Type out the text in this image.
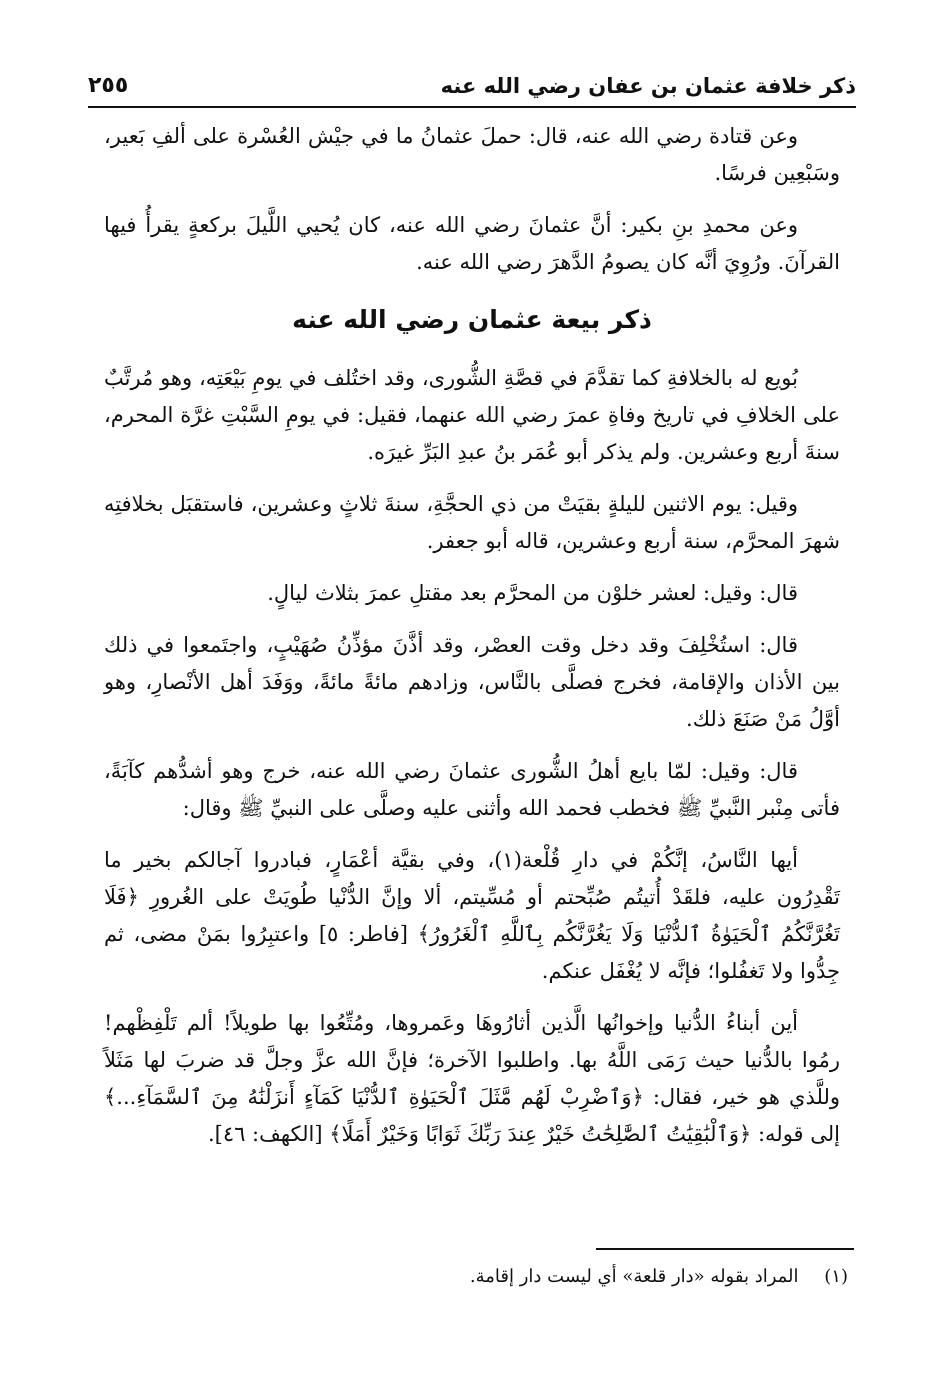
ذكر خلافة عثمان بن عفان رضي الله عنه
٢٥٥

وعن قتادة رضي الله عنه، قال: حملَ عثمانُ ما في جيْش العُسْرة على ألفِ بَعير، وسَبْعِين فرسًا.

وعن محمدِ بنِ بكير: أنَّ عثمانَ رضي الله عنه، كان يُحيي اللَّيلَ بركعةٍ يقرأُ فيها القرآنَ. ورُوِيَ أنَّه كان يصومُ الدَّهرَ رضي الله عنه.

ذكر بيعة عثمان رضي الله عنه

بُويع له بالخلافةِ كما تقدَّمَ في قصَّةِ الشُّورى، وقد اختُلف في يومِ بَيْعَتِه، وهو مُرتَّبٌ على الخلافِ في تاريخ وفاةِ عمرَ رضي الله عنهما، فقيل: في يومِ السَّبْتِ غرَّة المحرم، سنةَ أربع وعشرين. ولم يذكر أبو عُمَر بنُ عبدِ البَرِّ غيرَه.

وقيل: يوم الاثنين لليلةٍ بقيَتْ من ذي الحجَّةِ، سنةَ ثلاثٍ وعشرين، فاستقبَل بخلافتِه شهرَ المحرَّم، سنة أربع وعشرين، قاله أبو جعفر.

قال: وقيل: لعشر خلوْن من المحرَّم بعد مقتلِ عمرَ بثلاث ليالٍ.

قال: استُخْلِفَ وقد دخل وقت العصْر، وقد أذَّنَ مؤذِّنُ صُهَيْبٍ، واجتَمعوا في ذلك بين الأذان والإقامة، فخرج فصلَّى بالنَّاس، وزادهم مائةً مائةً، ووَفَدَ أهل الأنْصارِ، وهو أوَّلُ مَنْ صَنَعَ ذلك.

قال: وقيل: لمّا بايع أهلُ الشُّورى عثمانَ رضي الله عنه، خرج وهو أشدُّهم كآبَةً، فأتى مِنْبر النَّبيِّ ﷺ فخطب فحمد الله وأثنى عليه وصلَّى على النبيِّ ﷺ وقال:

أيها النَّاسُ، إنَّكُمْ في دارِ قُلْعة(١)، وفي بقيَّة أعْمَارٍ، فبادروا آجالكم بخير ما تَقْدِرُون عليه، فلقَدْ أُتيتُم صُبِّحتم أو مُسِّيتم، ألا وإنَّ الدُّنْيا طُويَتْ على الغُرورِ ﴿فَلَا تَغُرَّنَّكُمُ ٱلْحَيَوٰةُ ٱلدُّنْيَا وَلَا يَغُرَّنَّكُم بِٱللَّهِ ٱلْغَرُورُ﴾ [فاطر: ٥] واعتبِرُوا بمَنْ مضى، ثم جِدُّوا ولا تَغفُلوا؛ فإنَّه لا يُغْفَل عنكم.

أين أبناءُ الدُّنيا وإخوانُها الَّذين أثارُوهَا وعَمروها، ومُتِّعُوا بها طويلاً! ألم تَلْفِظْهم! رمُوا بالدُّنيا حيث رَمَى اللَّهُ بها. واطلبوا الآخرة؛ فإنَّ الله عزَّ وجلَّ قد ضربَ لها مَثَلاً وللَّذي هو خير، فقال: ﴿وَٱضْرِبْ لَهُم مَّثَلَ ٱلْحَيَوٰةِ ٱلدُّنْيَا كَمَآءٍ أَنزَلْنَٰهُ مِنَ ٱلسَّمَآءِ...﴾ إلى قوله: ﴿وَٱلْبَٰقِيَٰتُ ٱلصَّٰلِحَٰتُ خَيْرٌ عِندَ رَبِّكَ ثَوَابًا وَخَيْرٌ أَمَلًا﴾ [الكهف: ٤٦].

(١) المراد بقوله «دار قلعة» أي ليست دار إقامة.
